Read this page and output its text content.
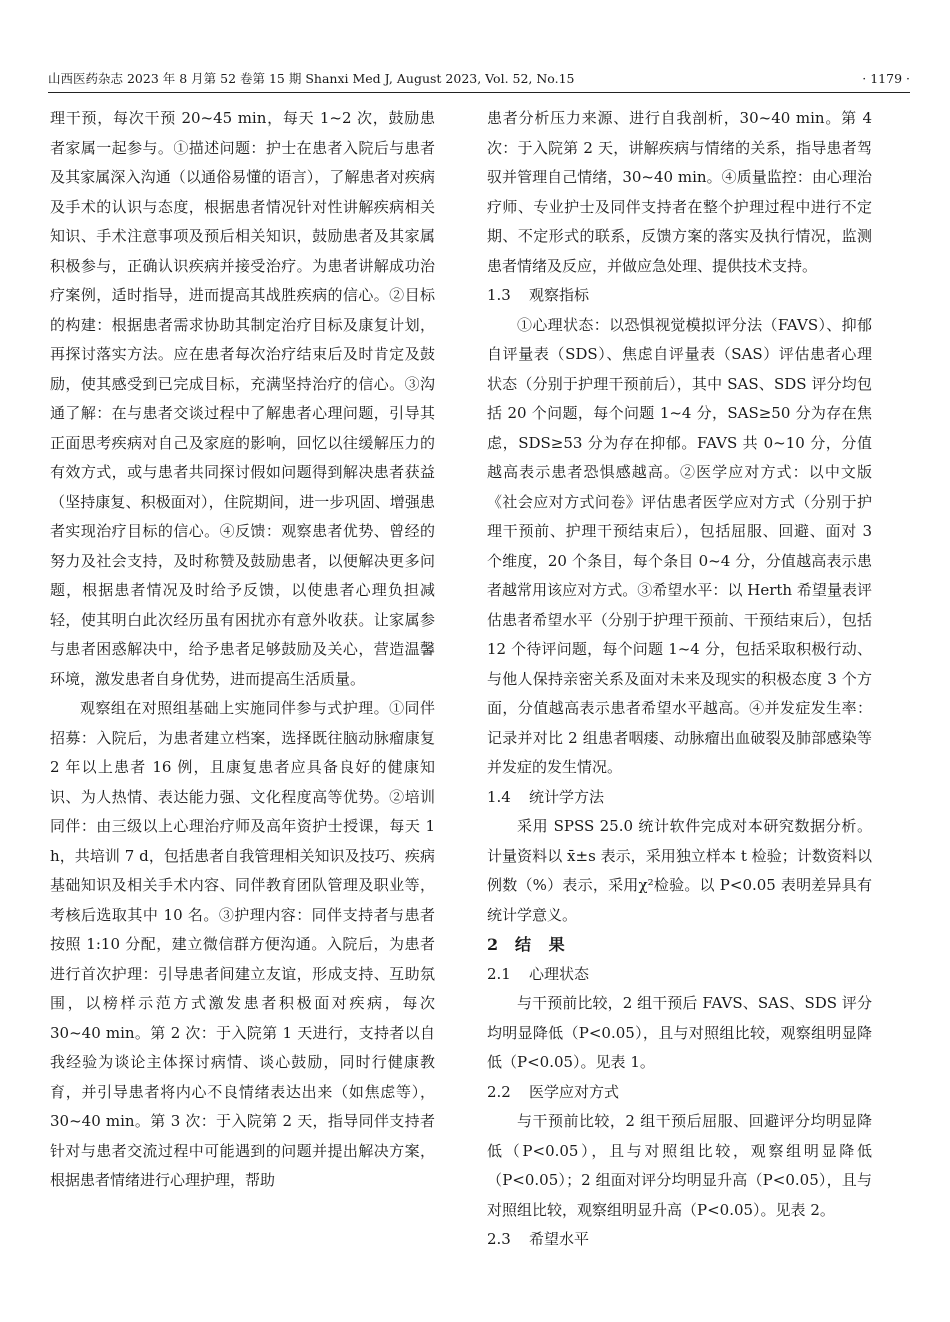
山西医药杂志 2023 年 8 月第 52 卷第 15 期 Shanxi Med J, August 2023, Vol. 52, No.15	· 1179 ·

理干预，每次干预 20~45 min，每天 1~2 次，鼓励患者家属一起参与。①描述问题：护士在患者入院后与患者及其家属深入沟通（以通俗易懂的语言），了解患者对疾病及手术的认识与态度，根据患者情况针对性讲解疾病相关知识、手术注意事项及预后相关知识，鼓励患者及其家属积极参与，正确认识疾病并接受治疗。为患者讲解成功治疗案例，适时指导，进而提高其战胜疾病的信心。②目标的构建：根据患者需求协助其制定治疗目标及康复计划，再探讨落实方法。应在患者每次治疗结束后及时肯定及鼓励，使其感受到已完成目标，充满坚持治疗的信心。③沟通了解：在与患者交谈过程中了解患者心理问题，引导其正面思考疾病对自己及家庭的影响，回忆以往缓解压力的有效方式，或与患者共同探讨假如问题得到解决患者获益（坚持康复、积极面对），住院期间，进一步巩固、增强患者实现治疗目标的信心。④反馈：观察患者优势、曾经的努力及社会支持，及时称赞及鼓励患者，以便解决更多问题，根据患者情况及时给予反馈，以使患者心理负担减轻，使其明白此次经历虽有困扰亦有意外收获。让家属参与患者困惑解决中，给予患者足够鼓励及关心，营造温馨环境，激发患者自身优势，进而提高生活质量。

观察组在对照组基础上实施同伴参与式护理。①同伴招募：入院后，为患者建立档案，选择既往脑动脉瘤康复 2 年以上患者 16 例，且康复患者应具备良好的健康知识、为人热情、表达能力强、文化程度高等优势。②培训同伴：由三级以上心理治疗师及高年资护士授课，每天 1 h，共培训 7 d，包括患者自我管理相关知识及技巧、疾病基础知识及相关手术内容、同伴教育团队管理及职业等，考核后选取其中 10 名。③护理内容：同伴支持者与患者按照 1:10 分配，建立微信群方便沟通。入院后，为患者进行首次护理：引导患者间建立友谊，形成支持、互助氛围，以榜样示范方式激发患者积极面对疾病，每次 30~40 min。第 2 次：于入院第 1 天进行，支持者以自我经验为谈论主体探讨病情、谈心鼓励，同时行健康教育，并引导患者将内心不良情绪表达出来（如焦虑等），30~40 min。第 3 次：于入院第 2 天，指导同伴支持者针对与患者交流过程中可能遇到的问题并提出解决方案，根据患者情绪进行心理护理，帮助

患者分析压力来源、进行自我剖析，30~40 min。第 4 次：于入院第 2 天，讲解疾病与情绪的关系，指导患者驾驭并管理自己情绪，30~40 min。④质量监控：由心理治疗师、专业护士及同伴支持者在整个护理过程中进行不定期、不定形式的联系，反馈方案的落实及执行情况，监测患者情绪及反应，并做应急处理、提供技术支持。

1.3 观察指标

①心理状态：以恐惧视觉模拟评分法（FAVS）、抑郁自评量表（SDS）、焦虑自评量表（SAS）评估患者心理状态（分别于护理干预前后），其中 SAS、SDS 评分均包括 20 个问题，每个问题 1~4 分，SAS≥50 分为存在焦虑，SDS≥53 分为存在抑郁。FAVS 共 0~10 分，分值越高表示患者恐惧感越高。②医学应对方式：以中文版《社会应对方式问卷》评估患者医学应对方式（分别于护理干预前、护理干预结束后），包括屈服、回避、面对 3 个维度，20 个条目，每个条目 0~4 分，分值越高表示患者越常用该应对方式。③希望水平：以 Herth 希望量表评估患者希望水平（分别于护理干预前、干预结束后），包括 12 个待评问题，每个问题 1~4 分，包括采取积极行动、与他人保持亲密关系及面对未来及现实的积极态度 3 个方面，分值越高表示患者希望水平越高。④并发症发生率：记录并对比 2 组患者咽瘘、动脉瘤出血破裂及肺部感染等并发症的发生情况。

1.4 统计学方法

采用 SPSS 25.0 统计软件完成对本研究数据分析。计量资料以 x̄±s 表示，采用独立样本 t 检验；计数资料以例数（%）表示，采用χ²检验。以 P<0.05 表明差异具有统计学意义。

2 结 果
2.1 心理状态

与干预前比较，2 组干预后 FAVS、SAS、SDS 评分均明显降低（P<0.05），且与对照组比较，观察组明显降低（P<0.05）。见表 1。

2.2 医学应对方式

与干预前比较，2 组干预后屈服、回避评分均明显降低（P<0.05），且与对照组比较，观察组明显降低（P<0.05）；2 组面对评分均明显升高（P<0.05），且与对照组比较，观察组明显升高（P<0.05）。见表 2。

2.3 希望水平
